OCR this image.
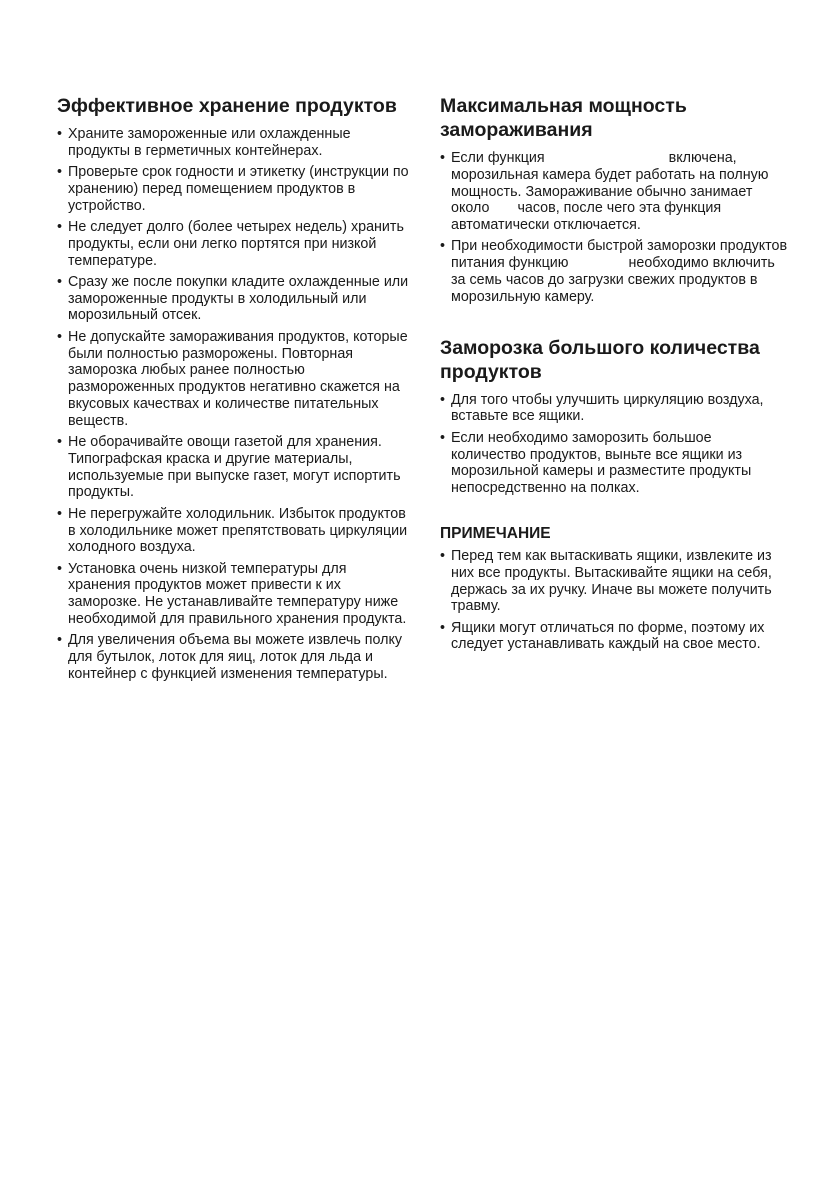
Эффективное хранение продуктов
• Храните замороженные или охлажденные продукты в герметичных контейнерах.
• Проверьте срок годности и этикетку (инструкции по хранению) перед помещением продуктов в устройство.
• Не следует долго (более четырех недель) хранить продукты, если они легко портятся при низкой температуре.
• Сразу же после покупки кладите охлажденные или замороженные продукты в холодильный или морозильный отсек.
• Не допускайте замораживания продуктов, которые были полностью разморожены. Повторная заморозка любых ранее полностью размороженных продуктов негативно скажется на вкусовых качествах и количестве питательных веществ.
• Не оборачивайте овощи газетой для хранения. Типографская краска и другие материалы, используемые при выпуске газет, могут испортить продукты.
• Не перегружайте холодильник. Избыток продуктов в холодильнике может препятствовать циркуляции холодного воздуха.
• Установка очень низкой температуры для хранения продуктов может привести к их заморозке. Не устанавливайте температуру ниже необходимой для правильного хранения продукта.
• Для увеличения объема вы можете извлечь полку для бутылок, лоток для яиц, лоток для льда и контейнер с функцией изменения температуры.
Максимальная мощность замораживания
• Если функция	включена, морозильная камера будет работать на полную мощность. Замораживание обычно занимает около часов, после чего эта функция автоматически отключается.
• При необходимости быстрой заморозки продуктов питания функцию	необходимо включить за семь часов до загрузки свежих продуктов в морозильную камеру.
Заморозка большого количества продуктов
• Для того чтобы улучшить циркуляцию воздуха, вставьте все ящики.
• Если необходимо заморозить большое количество продуктов, выньте все ящики из морозильной камеры и разместите продукты непосредственно на полках.
ПРИМЕЧАНИЕ
• Перед тем как вытаскивать ящики, извлеките из них все продукты. Вытаскивайте ящики на себя, держась за их ручку. Иначе вы можете получить травму.
• Ящики могут отличаться по форме, поэтому их следует устанавливать каждый на свое место.
